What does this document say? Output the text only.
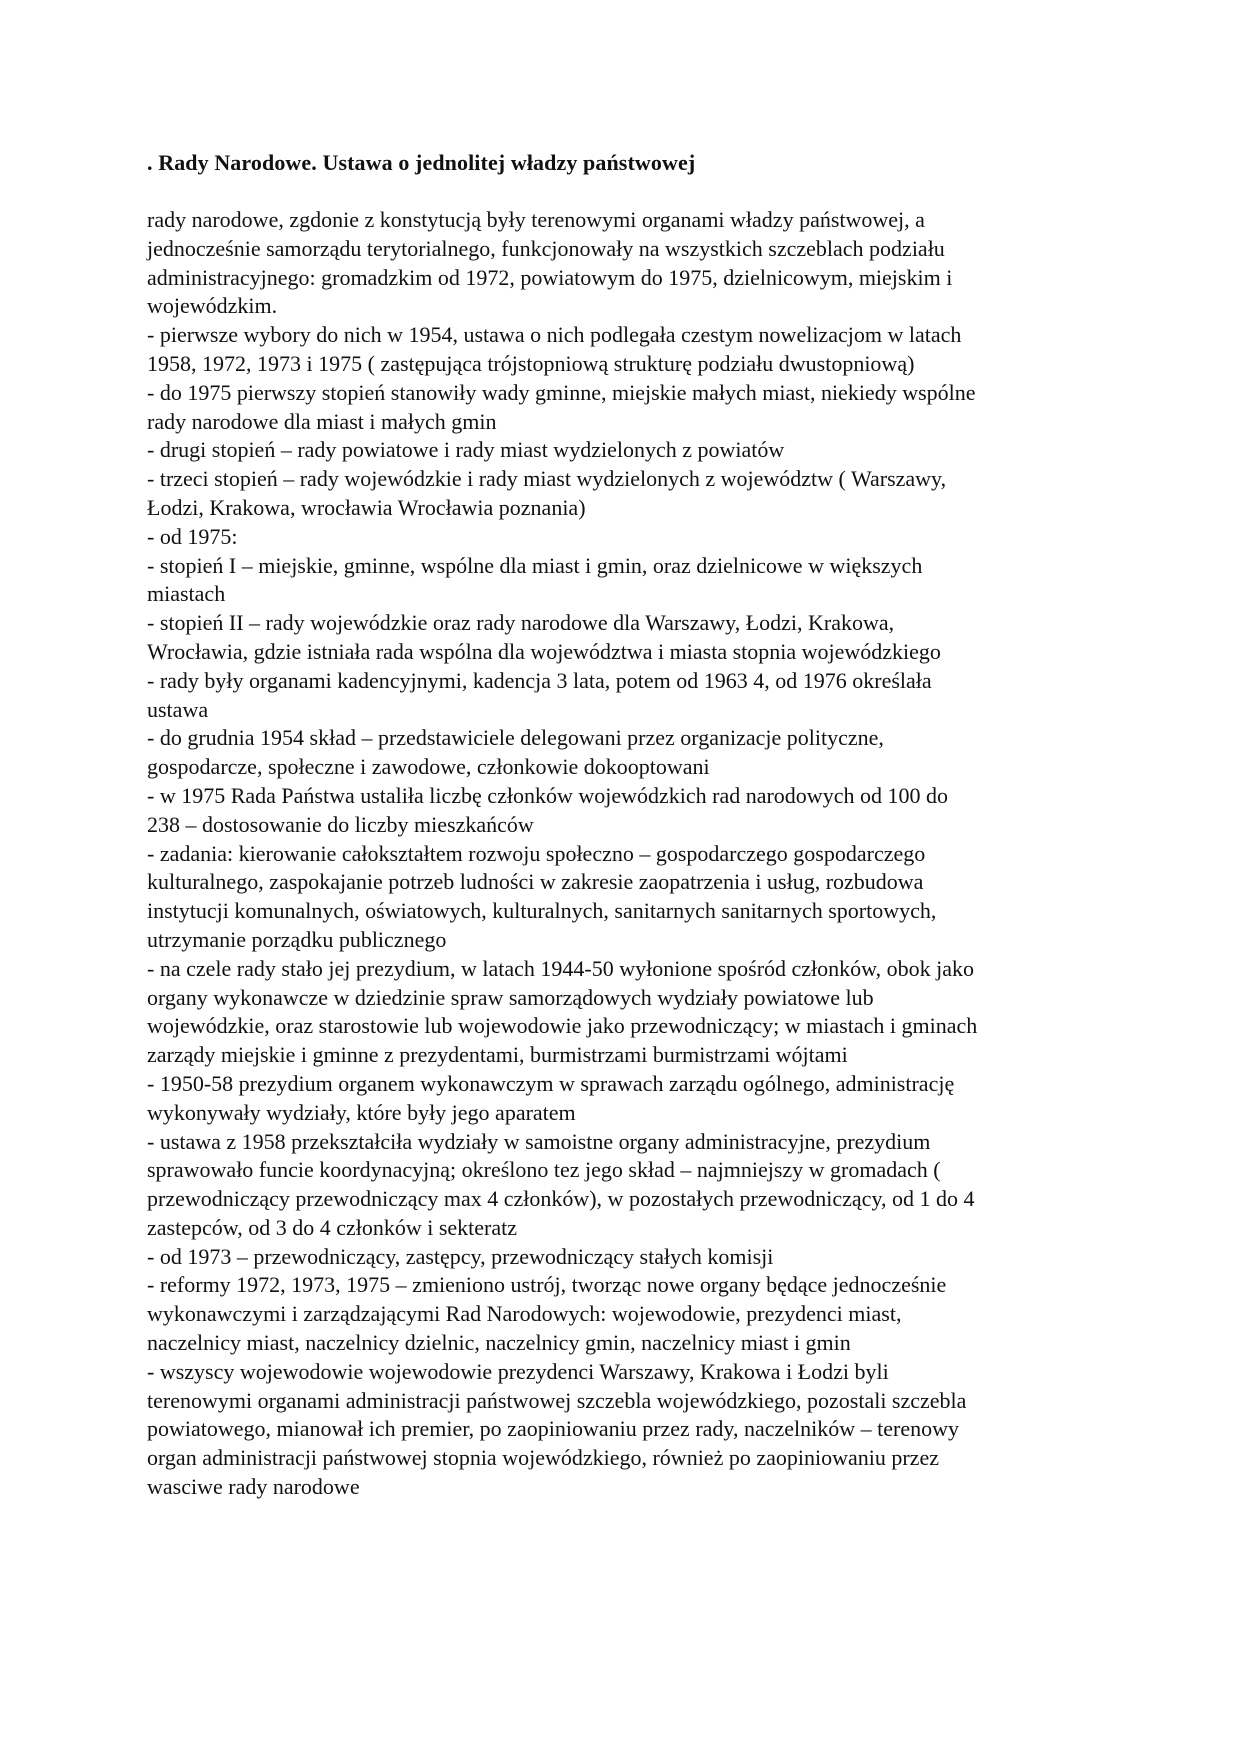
. Rady Narodowe. Ustawa o jednolitej władzy państwowej

rady narodowe, zgdonie z konstytucją były terenowymi organami władzy państwowej, a

jednocześnie samorządu terytorialnego, funkcjonowały na wszystkich szczeblach podziału

administracyjnego: gromadzkim od 1972, powiatowym do 1975, dzielnicowym, miejskim i

wojewódzkim.

- pierwsze wybory do nich w 1954, ustawa o nich podlegała czestym nowelizacjom w latach

1958, 1972, 1973 i 1975 ( zastępująca trójstopniową strukturę podziału dwustopniową)

- do 1975 pierwszy stopień stanowiły wady gminne, miejskie małych miast, niekiedy wspólne

rady narodowe dla miast i małych gmin

- drugi stopień – rady powiatowe i rady miast wydzielonych z powiatów

- trzeci stopień – rady wojewódzkie i rady miast wydzielonych z województw ( Warszawy,

Łodzi, Krakowa, wrocławia Wrocławia poznania)

- od 1975:

- stopień I – miejskie, gminne, wspólne dla miast i gmin, oraz dzielnicowe w większych

miastach

- stopień II – rady wojewódzkie oraz rady narodowe dla Warszawy, Łodzi, Krakowa,

Wrocławia, gdzie istniała rada wspólna dla województwa i miasta stopnia wojewódzkiego

- rady były organami kadencyjnymi, kadencja 3 lata, potem od 1963 4, od 1976 określała

ustawa

- do grudnia 1954 skład – przedstawiciele delegowani przez organizacje polityczne,

gospodarcze, społeczne i zawodowe, członkowie dokooptowani

- w 1975 Rada Państwa ustaliła liczbę członków wojewódzkich rad narodowych od 100 do

238 – dostosowanie do liczby mieszkańców

- zadania: kierowanie całokształtem rozwoju społeczno – gospodarczego gospodarczego

kulturalnego, zaspokajanie potrzeb ludności w zakresie zaopatrzenia i usług, rozbudowa

instytucji komunalnych, oświatowych, kulturalnych, sanitarnych sanitarnych sportowych,

utrzymanie porządku publicznego

- na czele rady stało jej prezydium, w latach 1944-50 wyłonione spośród członków, obok jako

organy wykonawcze w dziedzinie spraw samorządowych wydziały powiatowe lub

wojewódzkie, oraz starostowie lub wojewodowie jako przewodniczący; w miastach i gminach

zarządy miejskie i gminne z prezydentami, burmistrzami burmistrzami wójtami

- 1950-58 prezydium organem wykonawczym w sprawach zarządu ogólnego, administrację

wykonywały wydziały, które były jego aparatem

- ustawa z 1958 przekształciła wydziały w samoistne organy administracyjne, prezydium

sprawowało funcie koordynacyjną; określono tez jego skład – najmniejszy w gromadach (

przewodniczący przewodniczący max 4 członków), w pozostałych przewodniczący, od 1 do 4

zastepców, od 3 do 4 członków i sekteratz

- od 1973 – przewodniczący, zastępcy, przewodniczący stałych komisji

- reformy 1972, 1973, 1975 – zmieniono ustrój, tworząc nowe organy będące jednocześnie

wykonawczymi i zarządzającymi Rad Narodowych: wojewodowie, prezydenci miast,

naczelnicy miast, naczelnicy dzielnic, naczelnicy gmin, naczelnicy miast i gmin

- wszyscy wojewodowie wojewodowie prezydenci Warszawy, Krakowa i Łodzi byli

terenowymi organami administracji państwowej szczebla wojewódzkiego, pozostali szczebla

powiatowego, mianował ich premier, po zaopiniowaniu przez rady, naczelników – terenowy

organ administracji państwowej stopnia wojewódzkiego, również po zaopiniowaniu przez

wasciwe rady narodowe
